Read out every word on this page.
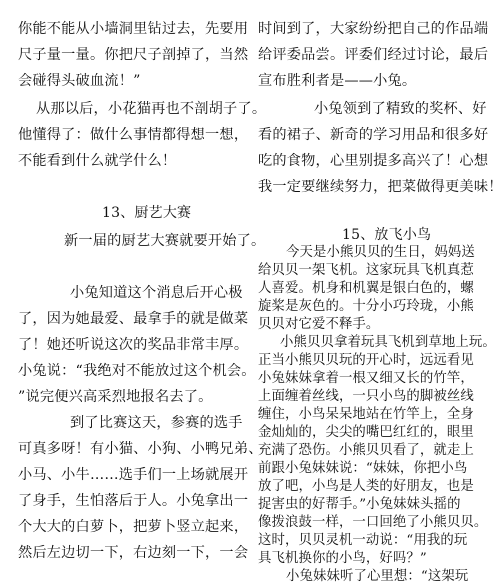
你能不能从小墙洞里钻过去，先要用
尺子量一量。你把尺子剖掉了，当然
会碰得头破血流！”
从那以后，小花猫再也不剖胡子了。
他懂得了：做什么事情都得想一想，
不能看到什么就学什么！
13、厨艺大赛
新一届的厨艺大赛就要开始了。
小兔知道这个消息后开心极
了，因为她最爱、最拿手的就是做菜
了！她还听说这次的奖品非常丰厚。
小兔说：“我绝对不能放过这个机会。
”说完便兴高采烈地报名去了。
到了比赛这天，参赛的选手
可真多呀！有小猫、小狗、小鸭兄弟、
小马、小牛……选手们一上场就展开
了身手，生怕落后于人。小兔拿出一
个大大的白萝卜，把萝卜竖立起来，
然后左边切一下，右边刻一下，一会
时间到了，大家纷纷把自己的作品端
给评委品尝。评委们经过讨论，最后
宣布胜利者是——小兔。
小兔领到了精致的奖杯、好
看的裙子、新奇的学习用品和很多好
吃的食物，心里别提多高兴了！心想
我一定要继续努力，把菜做得更美味！
15、放飞小鸟
今天是小熊贝贝的生日，妈妈送
给贝贝一架飞机。这家玩具飞机真惹
人喜爱。机身和机翼是银白色的，螺
旋桨是灰色的。十分小巧玲珑，小熊
贝贝对它爱不释手。
小熊贝贝拿着玩具飞机到草地上玩。
正当小熊贝贝玩的开心时，远远看见
小兔妹妹拿着一根又细又长的竹竿，
上面缠着丝线，一只小鸟的脚被丝线
缠住，小鸟呆呆地站在竹竿上，全身
金灿灿的，尖尖的嘴巴红红的，眼里
充满了恐伤。小熊贝贝看了，就走上
前跟小兔妹妹说：“妹妹，你把小鸟
放了吧，小鸟是人类的好朋友，也是
捉害虫的好帮手。”小兔妹妹头摇的
像拨浪鼓一样，一口回绝了小熊贝贝。
这时，贝贝灵机一动说：“用我的玩
具飞机换你的小鸟，好吗？”
小兔妹妹听了心里想：“这架玩
